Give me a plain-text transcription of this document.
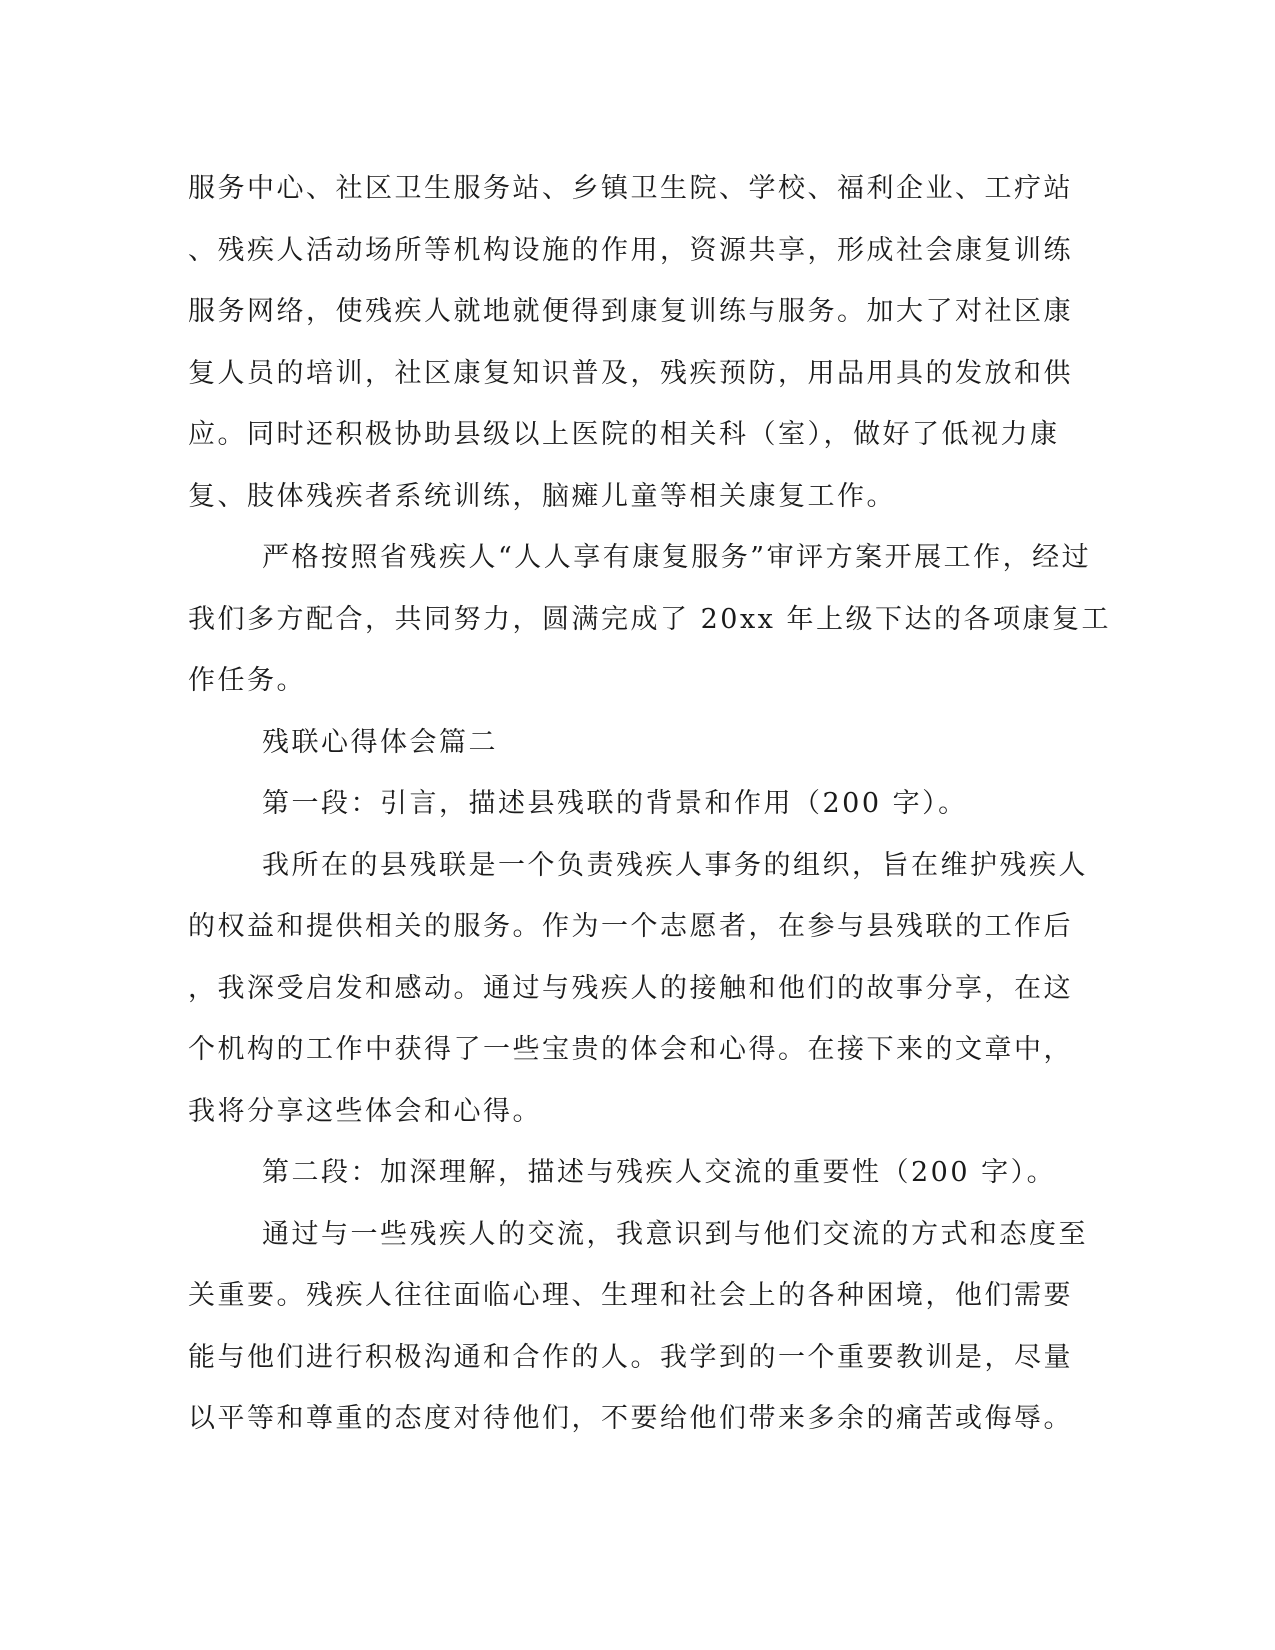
服务中心、社区卫生服务站、乡镇卫生院、学校、福利企业、工疗站
、残疾人活动场所等机构设施的作用，资源共享，形成社会康复训练
服务网络，使残疾人就地就便得到康复训练与服务。加大了对社区康
复人员的培训，社区康复知识普及，残疾预防，用品用具的发放和供
应。同时还积极协助县级以上医院的相关科（室），做好了低视力康
复、肢体残疾者系统训练，脑瘫儿童等相关康复工作。
严格按照省残疾人“人人享有康复服务”审评方案开展工作，经过
我们多方配合，共同努力，圆满完成了 20xx 年上级下达的各项康复工
作任务。
残联心得体会篇二
第一段：引言，描述县残联的背景和作用（200 字）。
我所在的县残联是一个负责残疾人事务的组织，旨在维护残疾人
的权益和提供相关的服务。作为一个志愿者，在参与县残联的工作后
，我深受启发和感动。通过与残疾人的接触和他们的故事分享，在这
个机构的工作中获得了一些宝贵的体会和心得。在接下来的文章中，
我将分享这些体会和心得。
第二段：加深理解，描述与残疾人交流的重要性（200 字）。
通过与一些残疾人的交流，我意识到与他们交流的方式和态度至
关重要。残疾人往往面临心理、生理和社会上的各种困境，他们需要
能与他们进行积极沟通和合作的人。我学到的一个重要教训是，尽量
以平等和尊重的态度对待他们，不要给他们带来多余的痛苦或侮辱。
